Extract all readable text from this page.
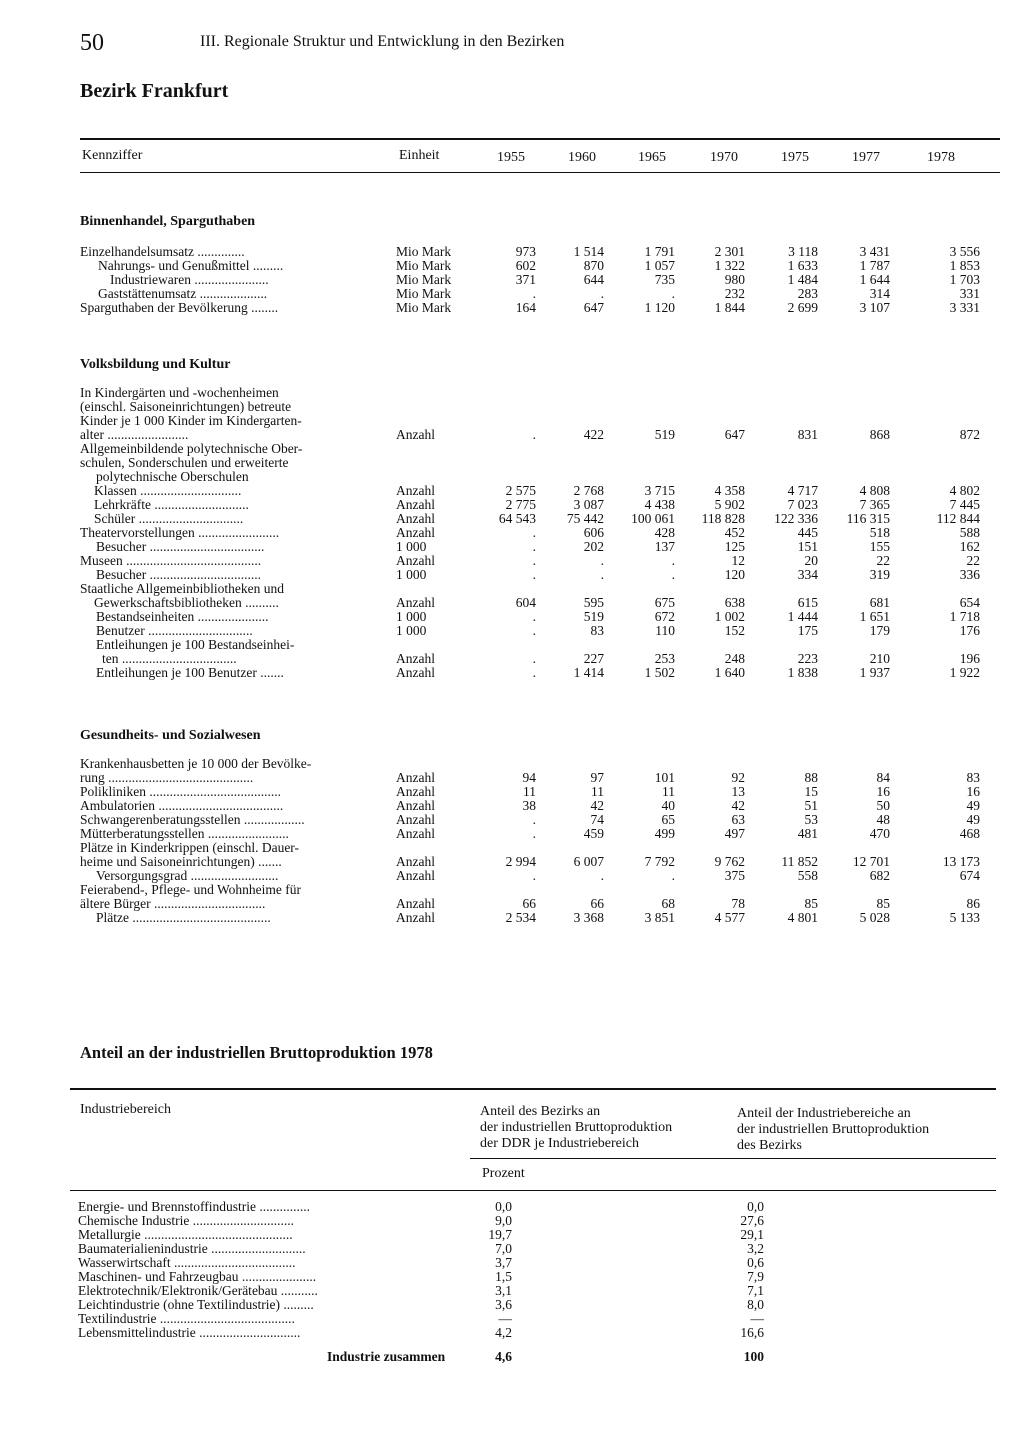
50	III. Regionale Struktur und Entwicklung in den Bezirken
Bezirk Frankfurt
Kennziffer	Einheit	1955	1960	1965	1970	1975	1977	1978
Binnenhandel, Sparguthaben
Einzelhandelsumsatz ..............	Mio Mark	973	1 514	1 791	2 301	3 118	3 431	3 556
Nahrungs- und Genußmittel .........	Mio Mark	602	870	1 057	1 322	1 633	1 787	1 853
Industriewaren ......................	Mio Mark	371	644	735	980	1 484	1 644	1 703
Gaststättenumsatz ....................	Mio Mark	.	.	.	232	283	314	331
Sparguthaben der Bevölkerung ........	Mio Mark	164	647	1 120	1 844	2 699	3 107	3 331
Volksbildung und Kultur
In Kindergärten und -wochenheimen
(einschl. Saisoneinrichtungen) betreute
Kinder je 1 000 Kinder im Kindergarten-
alter ........................	Anzahl	.	422	519	647	831	868	872
Allgemeinbildende polytechnische Ober-
schulen, Sonderschulen und erweiterte
polytechnische Oberschulen
Klassen ..............................	Anzahl	2 575	2 768	3 715	4 358	4 717	4 808	4 802
Lehrkräfte ............................	Anzahl	2 775	3 087	4 438	5 902	7 023	7 365	7 445
Schüler ...............................	Anzahl	64 543	75 442	100 061	118 828	122 336	116 315	112 844
Theatervorstellungen ........................	Anzahl	.	606	428	452	445	518	588
Besucher ..................................	1 000	.	202	137	125	151	155	162
Museen ........................................	Anzahl	.	.	.	12	20	22	22
Besucher .................................	1 000	.	.	.	120	334	319	336
Staatliche Allgemeinbibliotheken und
Gewerkschaftsbibliotheken ..........	Anzahl	604	595	675	638	615	681	654
Bestandseinheiten .....................	1 000	.	519	672	1 002	1 444	1 651	1 718
Benutzer ...............................	1 000	.	83	110	152	175	179	176
Entleihungen je 100 Bestandseinhei-
ten ..................................	Anzahl	.	227	253	248	223	210	196
Entleihungen je 100 Benutzer .......	Anzahl	.	1 414	1 502	1 640	1 838	1 937	1 922
Gesundheits- und Sozialwesen
Krankenhausbetten je 10 000 der Bevölke-
rung ...........................................	Anzahl	94	97	101	92	88	84	83
Polikliniken .......................................	Anzahl	11	11	11	13	15	16	16
Ambulatorien .....................................	Anzahl	38	42	40	42	51	50	49
Schwangerenberatungsstellen ..................	Anzahl	.	74	65	63	53	48	49
Mütterberatungsstellen ........................	Anzahl	.	459	499	497	481	470	468
Plätze in Kinderkrippen (einschl. Dauer-
heime und Saisoneinrichtungen) .......	Anzahl	2 994	6 007	7 792	9 762	11 852	12 701	13 173
Versorgungsgrad ..........................	Anzahl	.	.	.	375	558	682	674
Feierabend-, Pflege- und Wohnheime für
ältere Bürger .................................	Anzahl	66	66	68	78	85	85	86
Plätze .........................................	Anzahl	2 534	3 368	3 851	4 577	4 801	5 028	5 133
Anteil an der industriellen Bruttoproduktion 1978
Industriebereich	Anteil des Bezirks an
der industriellen Bruttoproduktion
der DDR je Industriebereich
Anteil der Industriebereiche an
der industriellen Bruttoproduktion
des Bezirks
Prozent
Energie- und Brennstoffindustrie ...............	0,0	0,0
Chemische Industrie ..............................	9,0	27,6
Metallurgie ............................................	19,7	29,1
Baumaterialienindustrie ............................	7,0	3,2
Wasserwirtschaft ....................................	3,7	0,6
Maschinen- und Fahrzeugbau ......................	1,5	7,9
Elektrotechnik/Elektronik/Gerätebau ...........	3,1	7,1
Leichtindustrie (ohne Textilindustrie) .........	3,6	8,0
Textilindustrie ........................................	—	—
Lebensmittelindustrie ..............................	4,2	16,6
Industrie zusammen	4,6	100
